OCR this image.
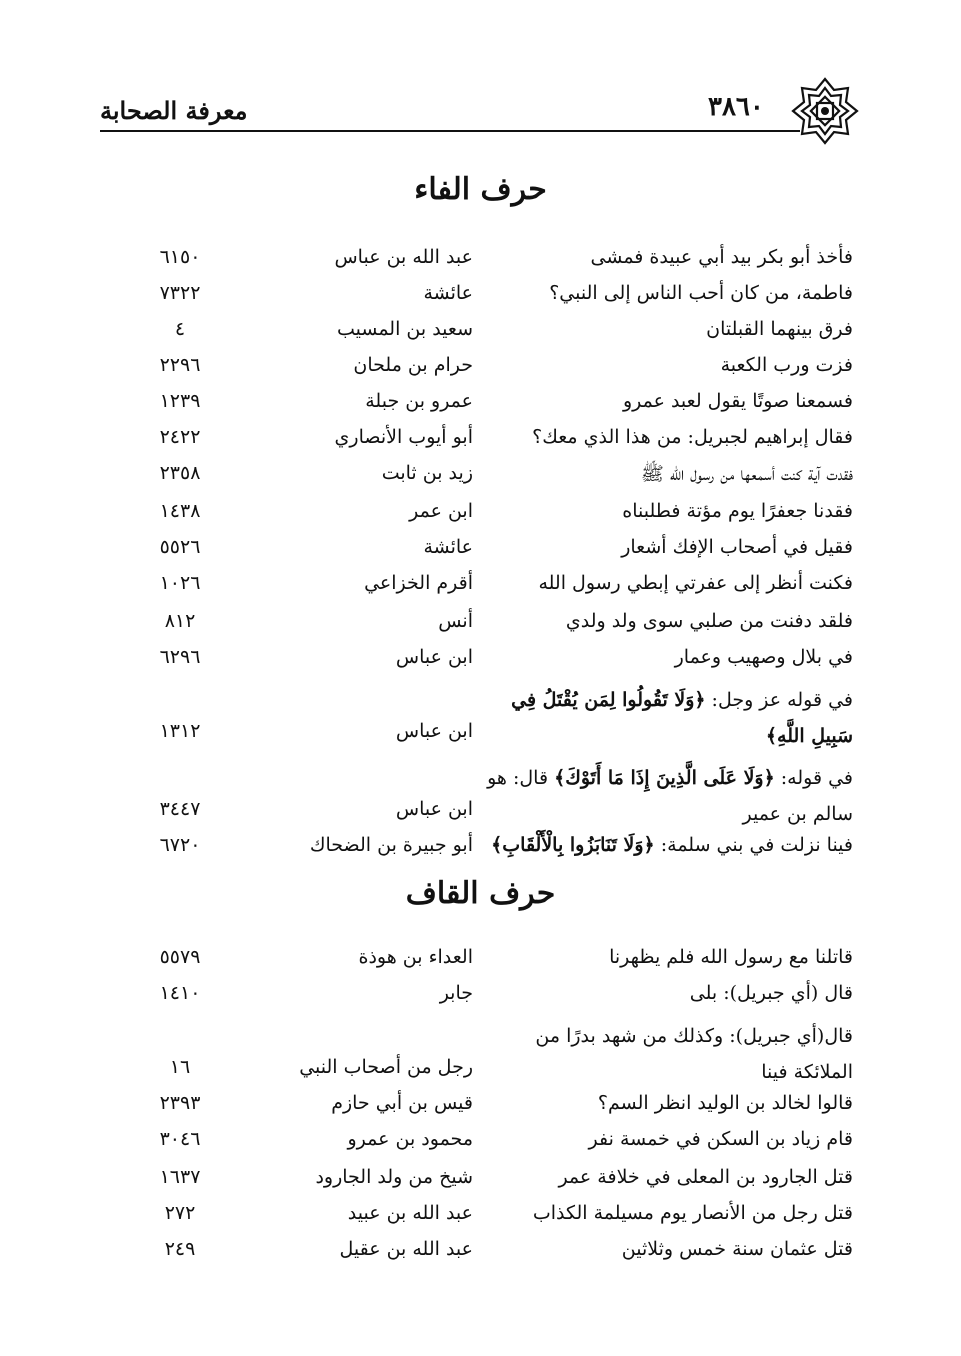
معرفة الصحابة	٣٨٦٠
حرف الفاء
فأخذ أبو بكر بيد أبي عبيدة فمشى
عبد الله بن عباس
٦١٥٠
فاطمة، من كان أحب الناس إلى النبي؟
عائشة
٧٣٢٢
فرق بينهما القبلتان
سعيد بن المسيب
٤
فزت ورب الكعبة
حرام بن ملحان
٢٢٩٦
فسمعنا صوتًا يقول لعبد عمرو
عمرو بن جبلة
١٢٣٩
فقال إبراهيم لجبريل: من هذا الذي معك؟
أبو أيوب الأنصاري
٢٤٢٢
فقدت آية كنت أسمعها من رسول الله ﷺ
زيد بن ثابت
٢٣٥٨
فقدنا جعفرًا يوم مؤتة فطلبناه
ابن عمر
١٤٣٨
فقيل في أصحاب الإفك أشعار
عائشة
٥٥٢٦
فكنت أنظر إلى عفرتي إبطي رسول الله
أقرم الخزاعي
١٠٢٦
فلقد دفنت من صلبي سوى ولد ولدي
أنس
٨١٢
في بلال وصهيب وعمار
ابن عباس
٦٢٩٦
في قوله عز وجل: ﴿وَلَا تَقُولُوا لِمَن يُقْتَلُ فِي سَبِيلِ اللَّهِ﴾
ابن عباس
١٣١٢
في قوله: ﴿وَلَا عَلَى الَّذِينَ إِذَا مَا أَتَوْكَ﴾ قال: هو سالم بن عمير
ابن عباس
٣٤٤٧
فينا نزلت في بني سلمة: ﴿وَلَا تَنَابَزُوا بِالْأَلْقَابِ﴾
أبو جبيرة بن الضحاك
٦٧٢٠
حرف القاف
قاتلنا مع رسول الله فلم يظهرنا
العداء بن هوذة
٥٥٧٩
قال (أي جبريل): بلى
جابر
١٤١٠
قال(أي جبريل): وكذلك من شهد بدرًا من الملائكة فينا
رجل من أصحاب النبي
١٦
قالوا لخالد بن الوليد انظر السم؟
قيس بن أبي حازم
٢٣٩٣
قام زياد بن السكن في خمسة نفر
محمود بن عمرو
٣٠٤٦
قتل الجارود بن المعلى في خلافة عمر
شيخ من ولد الجارود
١٦٣٧
قتل رجل من الأنصار يوم مسيلمة الكذاب
عبد الله بن عبيد
٢٧٢
قتل عثمان سنة خمس وثلاثين
عبد الله بن عقيل
٢٤٩
